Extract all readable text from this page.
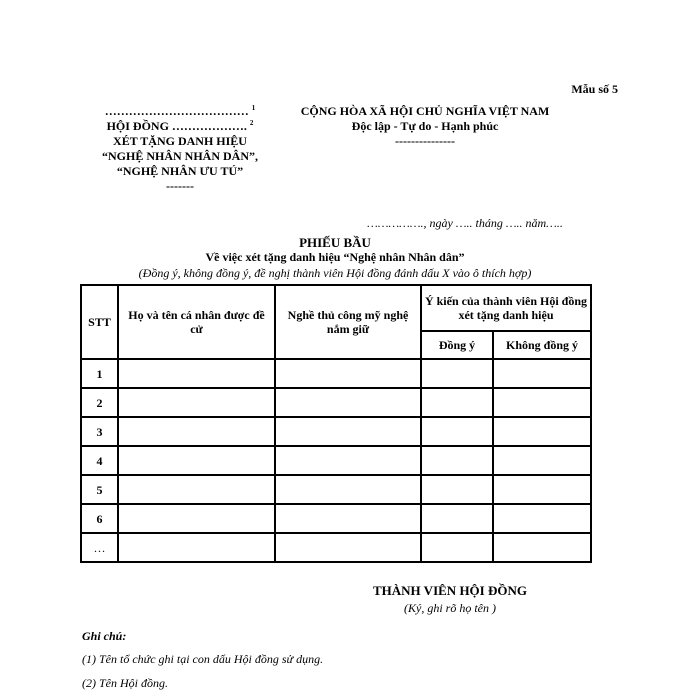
Mẫu số 5
……………………………… $^1$
HỘI ĐỒNG ………………. $^2$
XÉT TẶNG DANH HIỆU
“NGHỆ NHÂN NHÂN DÂN”,
“NGHỆ NHÂN ƯU TÚ”
-------
CỘNG HÒA XÃ HỘI CHỦ NGHĨA VIỆT NAM
Độc lập - Tự do - Hạnh phúc
---------------
……………., ngày ….. tháng ….. năm…..
PHIẾU BẦU
Về việc xét tặng danh hiệu “Nghệ nhân Nhân dân”
(Đồng ý, không đồng ý, đề nghị thành viên Hội đồng đánh dấu X vào ô thích hợp)
STT	Họ và tên cá nhân được đề cử	Nghề thủ công mỹ nghệ nắm giữ	Ý kiến của thành viên Hội đồng xét tặng danh hiệu	
			Đồng ý	Không đồng ý
1				
2				
3				
4				
5				
6				
…				
THÀNH VIÊN HỘI ĐỒNG
(Ký, ghi rõ họ tên )
Ghi chú:
(1) Tên tổ chức ghi tại con dấu Hội đồng sử dụng.
(2) Tên Hội đồng.
